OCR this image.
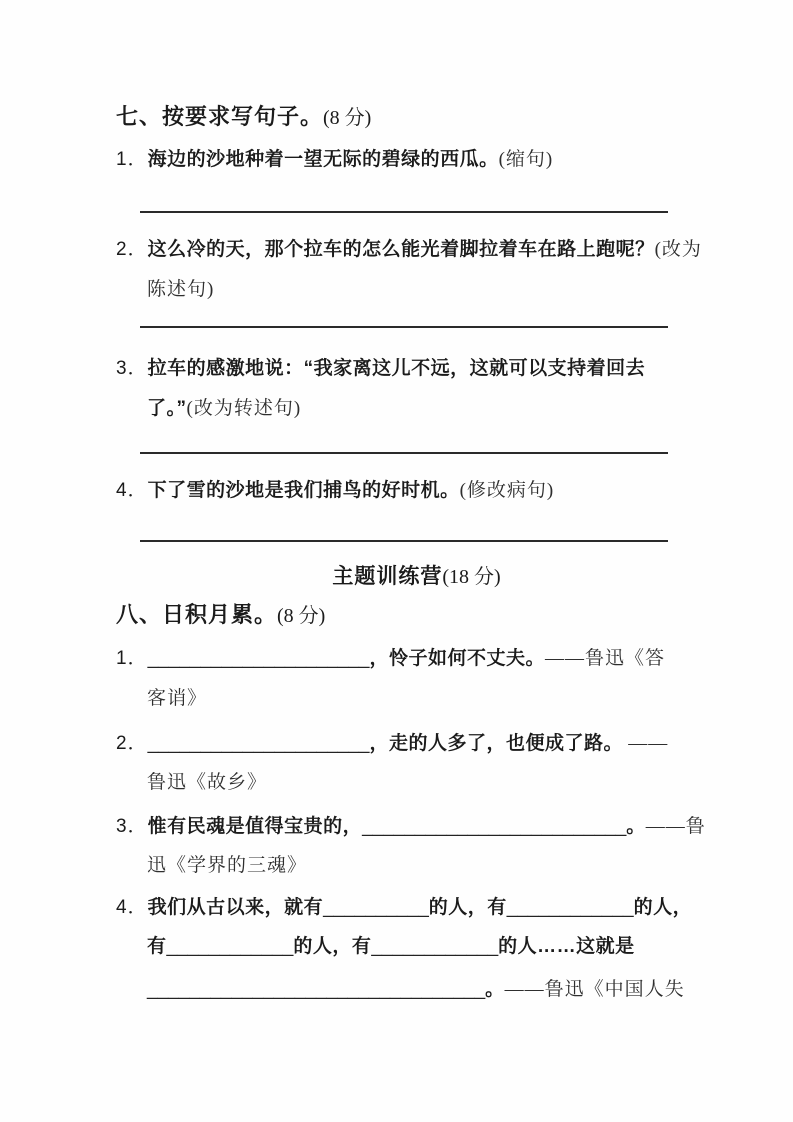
七、按要求写句子。(8 分)
1．海边的沙地种着一望无际的碧绿的西瓜。(缩句)
2．这么冷的天，那个拉车的怎么能光着脚拉着车在路上跑呢？(改为
陈述句)
3．拉车的感激地说：“我家离这儿不远，这就可以支持着回去
了。”(改为转述句)
4．下了雪的沙地是我们捕鸟的好时机。(修改病句)
主题训练营(18 分)
八、日积月累。(8 分)
1．_____________________，怜子如何不丈夫。——鲁迅《答
客诮》
2．_____________________，走的人多了，也便成了路。 ——
鲁迅《故乡》
3．惟有民魂是值得宝贵的，_________________________。——鲁
迅《学界的三魂》
4．我们从古以来，就有__________的人，有____________的人，
有____________的人，有____________的人……这就是
________________________________。——鲁迅《中国人失
